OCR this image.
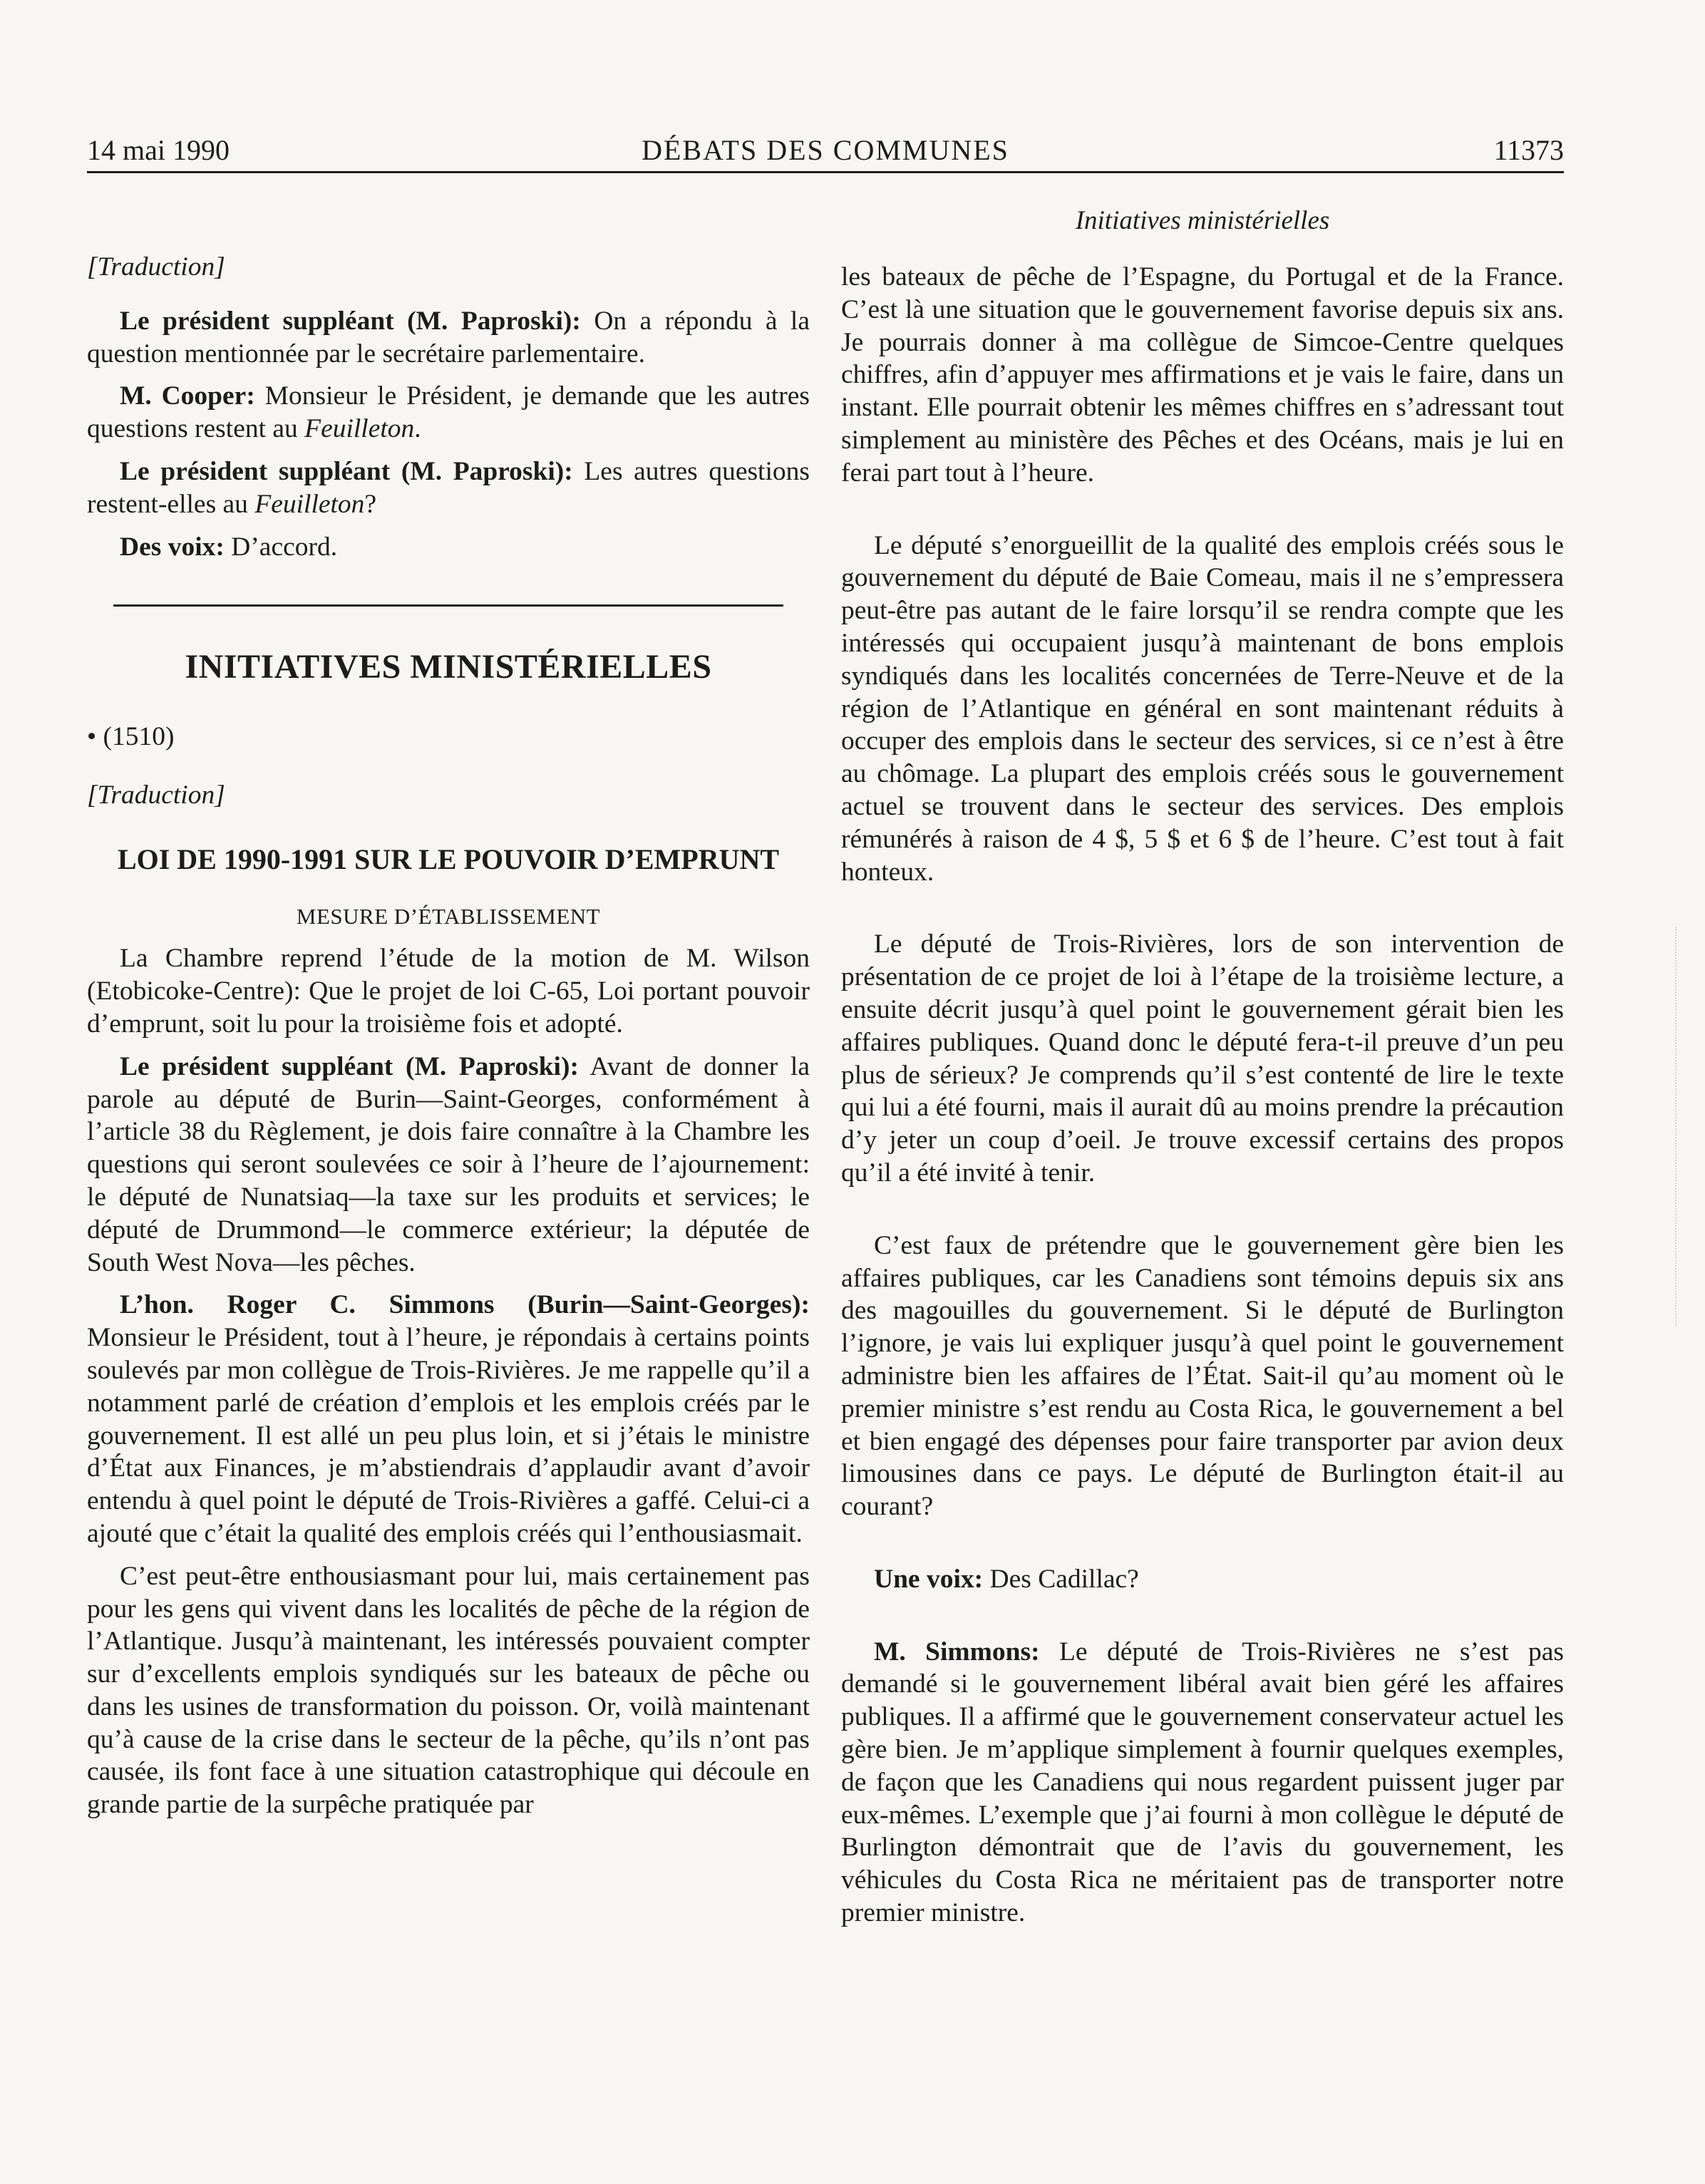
14 mai 1990	DÉBATS DES COMMUNES	11373
Initiatives ministérielles

[Traduction]

Le président suppléant (M. Paproski): On a répondu à la question mentionnée par le secrétaire parlementaire.

M. Cooper: Monsieur le Président, je demande que les autres questions restent au Feuilleton.

Le président suppléant (M. Paproski): Les autres questions restent-elles au Feuilleton?

Des voix: D’accord.

INITIATIVES MINISTÉRIELLES

• (1510)

[Traduction]

LOI DE 1990-1991 SUR LE POUVOIR D’EMPRUNT

MESURE D’ÉTABLISSEMENT

La Chambre reprend l’étude de la motion de M. Wilson (Etobicoke-Centre): Que le projet de loi C-65, Loi portant pouvoir d’emprunt, soit lu pour la troisième fois et adopté.

Le président suppléant (M. Paproski): Avant de donner la parole au député de Burin—Saint-Georges, conformément à l’article 38 du Règlement, je dois faire connaître à la Chambre les questions qui seront soulevées ce soir à l’heure de l’ajournement: le député de Nunatsiaq—la taxe sur les produits et services; le député de Drummond—le commerce extérieur; la députée de South West Nova—les pêches.

L’hon. Roger C. Simmons (Burin—Saint-Georges): Monsieur le Président, tout à l’heure, je répondais à certains points soulevés par mon collègue de Trois-Rivières. Je me rappelle qu’il a notamment parlé de création d’emplois et les emplois créés par le gouvernement. Il est allé un peu plus loin, et si j’étais le ministre d’État aux Finances, je m’abstiendrais d’applaudir avant d’avoir entendu à quel point le député de Trois-Rivières a gaffé. Celui-ci a ajouté que c’était la qualité des emplois créés qui l’enthousiasmait.

C’est peut-être enthousiasmant pour lui, mais certainement pas pour les gens qui vivent dans les localités de pêche de la région de l’Atlantique. Jusqu’à maintenant, les intéressés pouvaient compter sur d’excellents emplois syndiqués sur les bateaux de pêche ou dans les usines de transformation du poisson. Or, voilà maintenant qu’à cause de la crise dans le secteur de la pêche, qu’ils n’ont pas causée, ils font face à une situation catastrophique qui découle en grande partie de la surpêche pratiquée par

les bateaux de pêche de l’Espagne, du Portugal et de la France. C’est là une situation que le gouvernement favorise depuis six ans. Je pourrais donner à ma collègue de Simcoe-Centre quelques chiffres, afin d’appuyer mes affirmations et je vais le faire, dans un instant. Elle pourrait obtenir les mêmes chiffres en s’adressant tout simplement au ministère des Pêches et des Océans, mais je lui en ferai part tout à l’heure.

Le député s’enorgueillit de la qualité des emplois créés sous le gouvernement du député de Baie Comeau, mais il ne s’empressera peut-être pas autant de le faire lorsqu’il se rendra compte que les intéressés qui occupaient jusqu’à maintenant de bons emplois syndiqués dans les localités concernées de Terre-Neuve et de la région de l’Atlantique en général en sont maintenant réduits à occuper des emplois dans le secteur des services, si ce n’est à être au chômage. La plupart des emplois créés sous le gouvernement actuel se trouvent dans le secteur des services. Des emplois rémunérés à raison de 4 $, 5 $ et 6 $ de l’heure. C’est tout à fait honteux.

Le député de Trois-Rivières, lors de son intervention de présentation de ce projet de loi à l’étape de la troisième lecture, a ensuite décrit jusqu’à quel point le gouvernement gérait bien les affaires publiques. Quand donc le député fera-t-il preuve d’un peu plus de sérieux? Je comprends qu’il s’est contenté de lire le texte qui lui a été fourni, mais il aurait dû au moins prendre la précaution d’y jeter un coup d’oeil. Je trouve excessif certains des propos qu’il a été invité à tenir.

C’est faux de prétendre que le gouvernement gère bien les affaires publiques, car les Canadiens sont témoins depuis six ans des magouilles du gouvernement. Si le député de Burlington l’ignore, je vais lui expliquer jusqu’à quel point le gouvernement administre bien les affaires de l’État. Sait-il qu’au moment où le premier ministre s’est rendu au Costa Rica, le gouvernement a bel et bien engagé des dépenses pour faire transporter par avion deux limousines dans ce pays. Le député de Burlington était-il au courant?

Une voix: Des Cadillac?

M. Simmons: Le député de Trois-Rivières ne s’est pas demandé si le gouvernement libéral avait bien géré les affaires publiques. Il a affirmé que le gouvernement conservateur actuel les gère bien. Je m’applique simplement à fournir quelques exemples, de façon que les Canadiens qui nous regardent puissent juger par eux-mêmes. L’exemple que j’ai fourni à mon collègue le député de Burlington démontrait que de l’avis du gouvernement, les véhicules du Costa Rica ne méritaient pas de transporter notre premier ministre.
